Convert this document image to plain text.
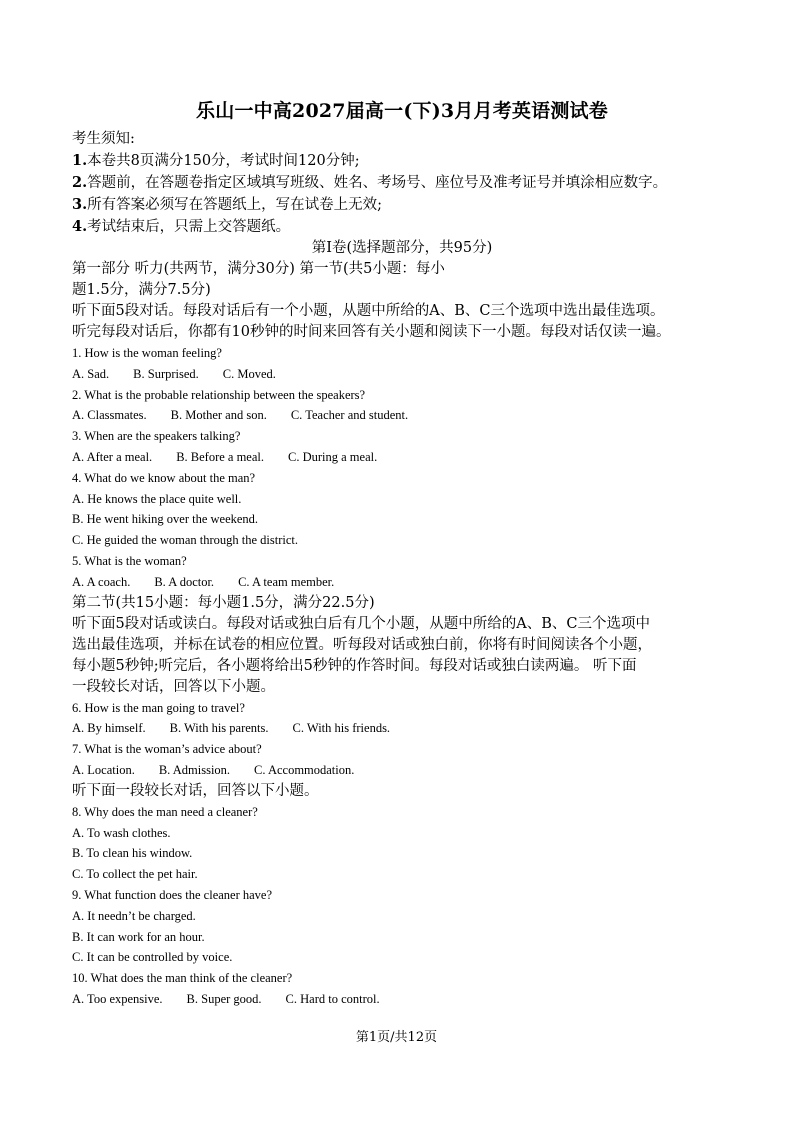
乐山一中高2027届高一(下)3月月考英语测试卷

考生须知:

1.本卷共8页满分150分，考试时间120分钟;

2.答题前，在答题卷指定区域填写班级、姓名、考场号、座位号及准考证号并填涂相应数字。

3.所有答案必须写在答题纸上，写在试卷上无效;

4.考试结束后，只需上交答题纸。

第Ⅰ卷(选择题部分，共95分)

第一部分 听力(共两节，满分30分) 第一节(共5小题：每小

题1.5分，满分7.5分)

听下面5段对话。每段对话后有一个小题，从题中所给的A、B、C三个选项中选出最佳选项。

听完每段对话后，你都有10秒钟的时间来回答有关小题和阅读下一小题。每段对话仅读一遍。

1. How is the woman feeling?

A. Sad. B. Surprised. C. Moved.

2. What is the probable relationship between the speakers?

A. Classmates. B. Mother and son. C. Teacher and student.

3. When are the speakers talking?

A. After a meal. B. Before a meal. C. During a meal.

4. What do we know about the man?

A. He knows the place quite well.

B. He went hiking over the weekend.

C. He guided the woman through the district.

5. What is the woman?

A. A coach. B. A doctor. C. A team member.

第二节(共15小题：每小题1.5分，满分22.5分)

听下面5段对话或读白。每段对话或独白后有几个小题，从题中所给的A、B、C三个选项中

选出最佳选项，并标在试卷的相应位置。听每段对话或独白前，你将有时间阅读各个小题，

每小题5秒钟;听完后，各小题将给出5秒钟的作答时间。每段对话或独白读两遍。 听下面

一段较长对话，回答以下小题。

6. How is the man going to travel?

A. By himself. B. With his parents. C. With his friends.

7. What is the woman’s advice about?

A. Location. B. Admission. C. Accommodation.

听下面一段较长对话，回答以下小题。

8. Why does the man need a cleaner?

A. To wash clothes.

B. To clean his window.

C. To collect the pet hair.

9. What function does the cleaner have?

A. It needn’t be charged.

B. It can work for an hour.

C. It can be controlled by voice.

10. What does the man think of the cleaner?

A. Too expensive. B. Super good. C. Hard to control.

第1页/共12页
